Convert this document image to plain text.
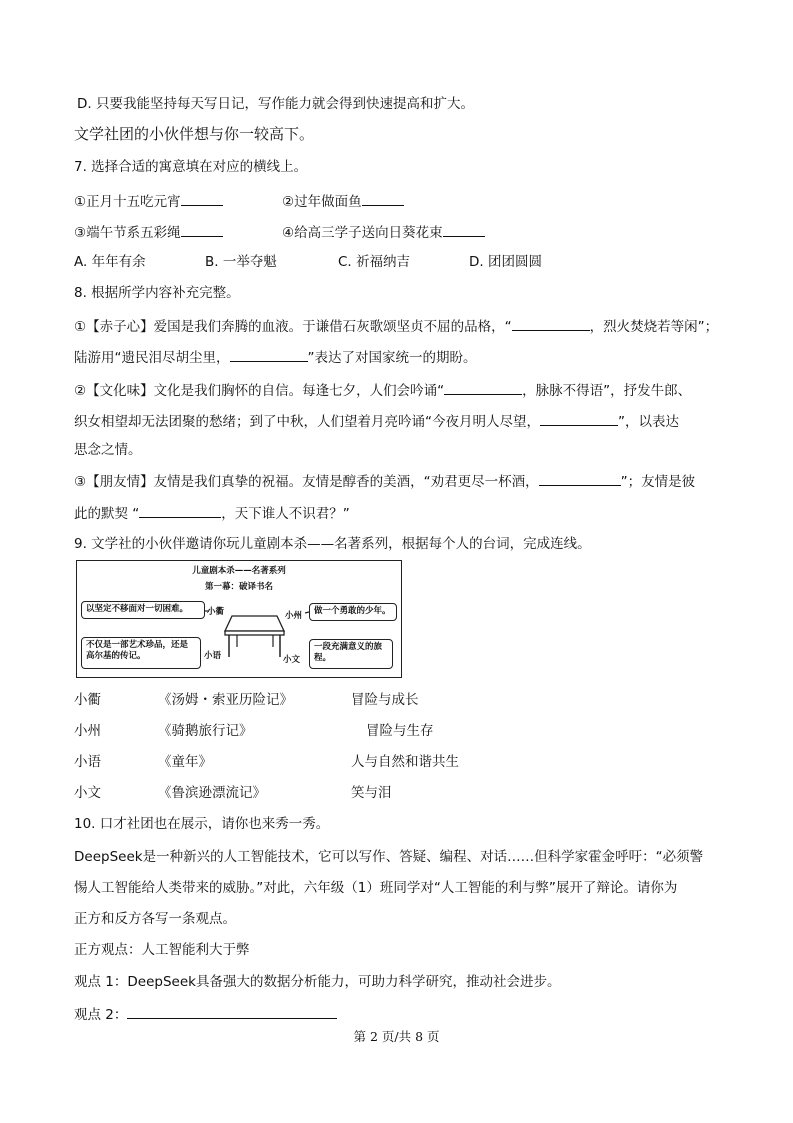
D. 只要我能坚持每天写日记，写作能力就会得到快速提高和扩大。
文学社团的小伙伴想与你一较高下。
7. 选择合适的寓意填在对应的横线上。
①正月十五吃元宵	②过年做面鱼
③端午节系五彩绳	④给高三学子送向日葵花束
A. 年年有余	B. 一举夺魁	C. 祈福纳吉	D. 团团圆圆
8. 根据所学内容补充完整。
①【赤子心】爱国是我们奔腾的血液。于谦借石灰歌颂坚贞不屈的品格，“	，烈火焚烧若等闲”；
陆游用“遗民泪尽胡尘里，	”表达了对国家统一的期盼。
②【文化味】文化是我们胸怀的自信。每逢七夕，人们会吟诵“	，脉脉不得语”，抒发牛郎、
织女相望却无法团聚的愁绪；到了中秋，人们望着月亮吟诵“今夜月明人尽望，	”，以表达
思念之情。
③【朋友情】友情是我们真挚的祝福。友情是醇香的美酒，“劝君更尽一杯酒，	”；友情是彼
此的默契 “	，天下谁人不识君？”
9. 文学社的小伙伴邀请你玩儿童剧本杀——名著系列，根据每个人的台词，完成连线。
儿童剧本杀——名著系列
第一幕：破译书名
以坚定不移面对一切困难。	小衢	小州	做一个勇敢的少年。
不仅是一部艺术珍品，还是高尔基的传记。	小语	小文
一段充满意义的旅程。
小衢	《汤姆・索亚历险记》	冒险与成长
小州	《骑鹅旅行记》	冒险与生存
小语	《童年》	人与自然和谐共生
小文	《鲁滨逊漂流记》	笑与泪
10. 口才社团也在展示，请你也来秀一秀。
DeepSeek是一种新兴的人工智能技术，它可以写作、答疑、编程、对话……但科学家霍金呼吁：“必须警
惕人工智能给人类带来的威胁。”对此，六年级（1）班同学对“人工智能的利与弊”展开了辩论。请你为
正方和反方各写一条观点。
正方观点：人工智能利大于弊
观点 1：DeepSeek具备强大的数据分析能力，可助力科学研究，推动社会进步。
观点 2：
第 2 页/共 8 页
